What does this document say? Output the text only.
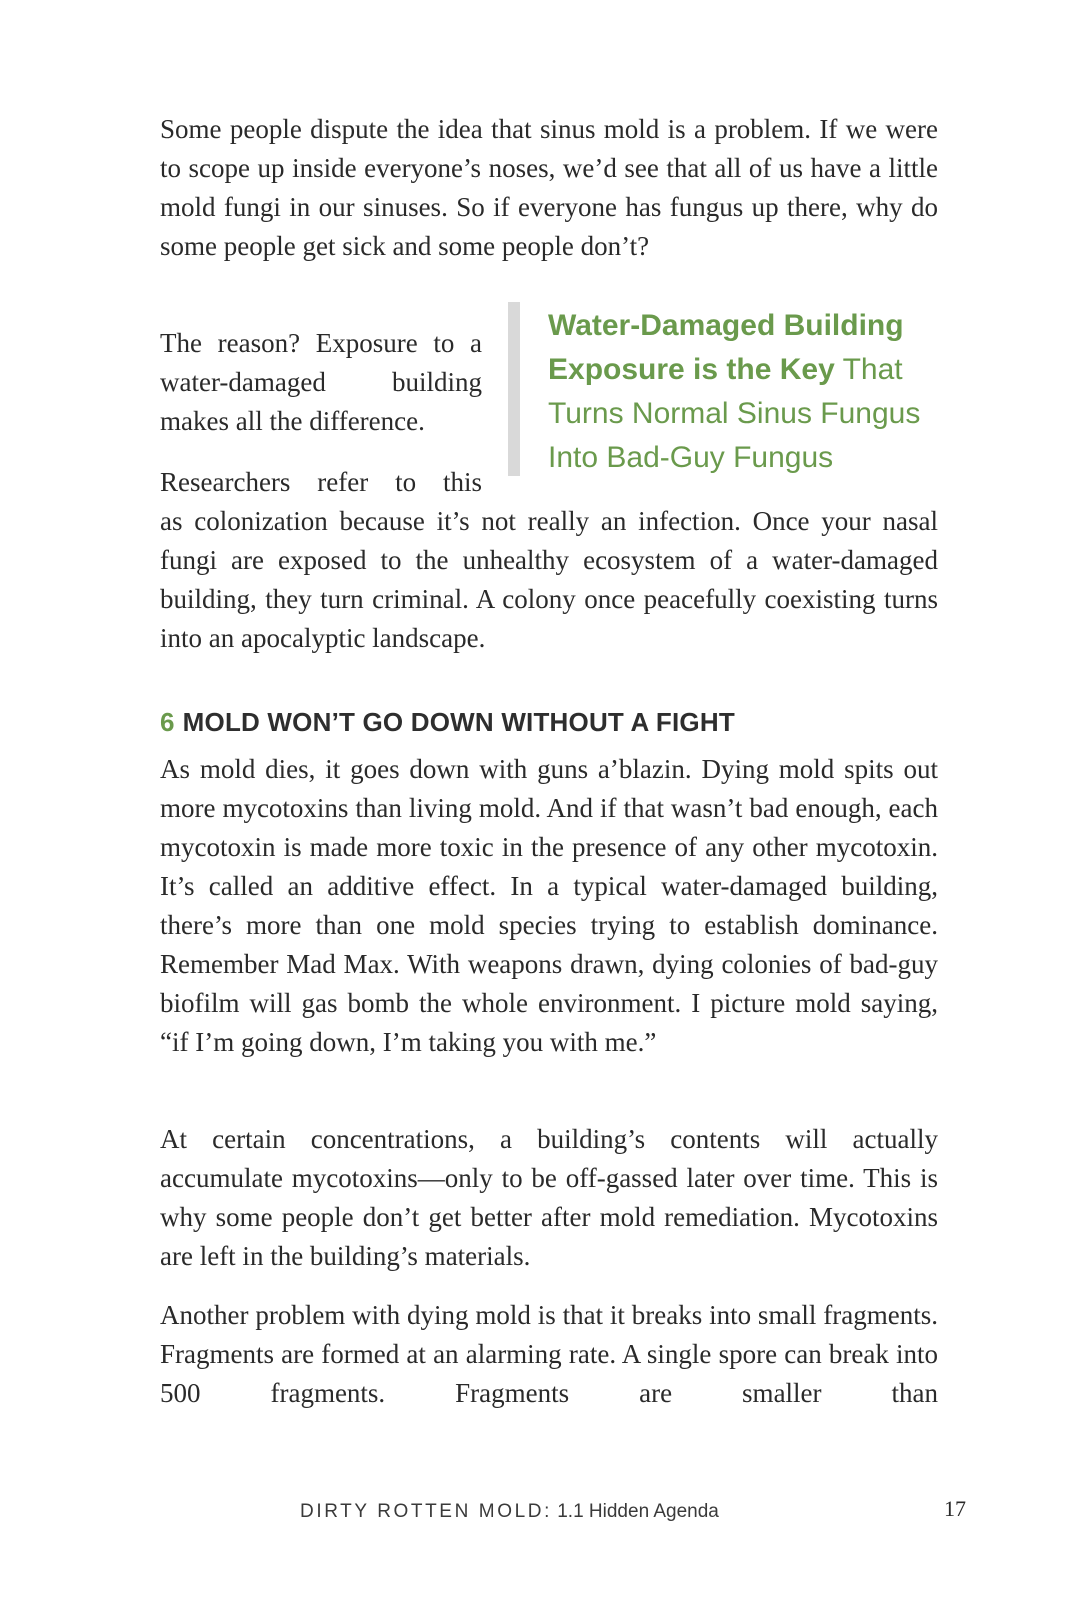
Some people dispute the idea that sinus mold is a problem. If we were to scope up inside everyone’s noses, we’d see that all of us have a little mold fungi in our sinuses. So if everyone has fungus up there, why do some people get sick and some people don’t?

The reason? Exposure to a water-damaged building makes all the difference.

Researchers refer to this

as colonization because it’s not really an infection. Once your nasal fungi are exposed to the unhealthy ecosystem of a water-damaged building, they turn criminal. A colony once peacefully coexisting turns into an apocalyptic landscape.

Water-Damaged Building Exposure is the Key That Turns Normal Sinus Fungus Into Bad-Guy Fungus
6 MOLD WON’T GO DOWN WITHOUT A FIGHT

As mold dies, it goes down with guns a’blazin. Dying mold spits out more mycotoxins than living mold. And if that wasn’t bad enough, each mycotoxin is made more toxic in the presence of any other mycotoxin. It’s called an additive effect. In a typical water-damaged building, there’s more than one mold species trying to establish dominance. Remember Mad Max. With weapons drawn, dying colonies of bad-guy biofilm will gas bomb the whole environment. I picture mold saying, “if I’m going down, I’m taking you with me.”

At certain concentrations, a building’s contents will actually accumulate mycotoxins—only to be off-gassed later over time. This is why some people don’t get better after mold remediation. Mycotoxins are left in the building’s materials.

Another problem with dying mold is that it breaks into small fragments. Fragments are formed at an alarming rate. A single spore can break into 500 fragments. Fragments are smaller than

DIRTY ROTTEN MOLD: 1.1 Hidden Agenda	17
